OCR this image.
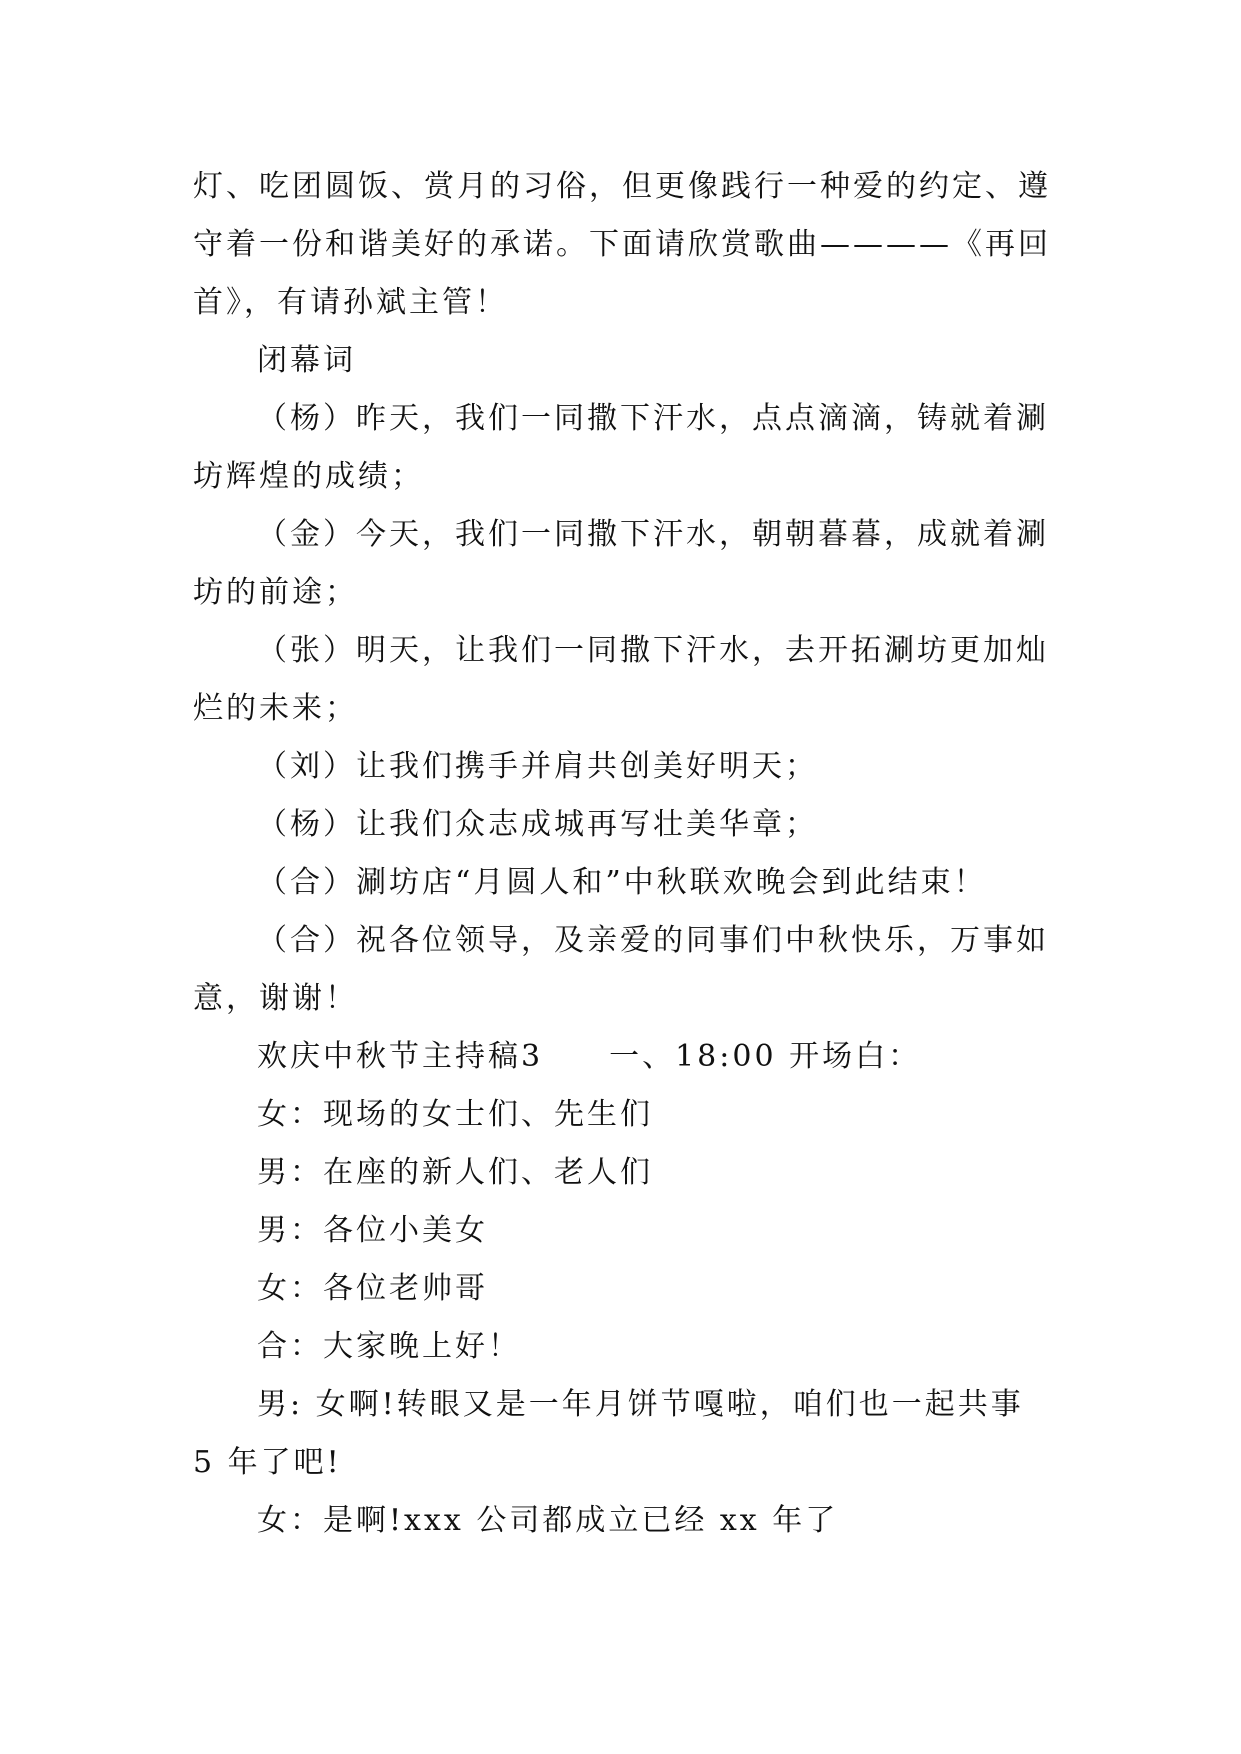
灯、吃团圆饭、赏月的习俗，但更像践行一种爱的约定、遵守着一份和谐美好的承诺。下面请欣赏歌曲————《再回首》，有请孙斌主管！

闭幕词

（杨）昨天，我们一同撒下汗水，点点滴滴，铸就着涮坊辉煌的成绩；

（金）今天，我们一同撒下汗水，朝朝暮暮，成就着涮坊的前途；

（张）明天，让我们一同撒下汗水，去开拓涮坊更加灿烂的未来；

（刘）让我们携手并肩共创美好明天；

（杨）让我们众志成城再写壮美华章；

（合）涮坊店“月圆人和”中秋联欢晚会到此结束！

（合）祝各位领导，及亲爱的同事们中秋快乐，万事如意，谢谢！

欢庆中秋节主持稿3　　一、18:00 开场白：

女：现场的女士们、先生们

男：在座的新人们、老人们

男：各位小美女

女：各位老帅哥

合：大家晚上好！

男: 女啊!转眼又是一年月饼节嘎啦，咱们也一起共事 5 年了吧!

女：是啊!xxx 公司都成立已经 xx 年了
